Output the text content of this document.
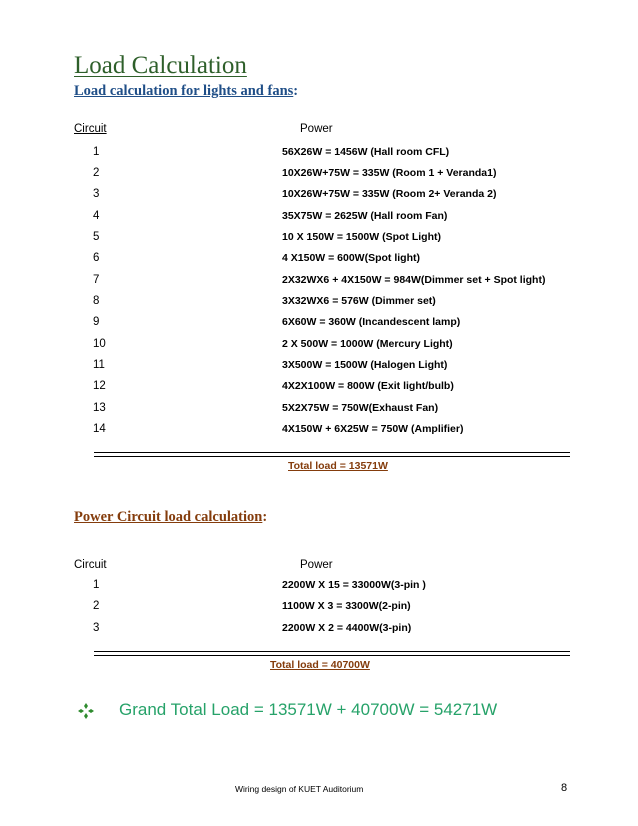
Load Calculation
Load calculation for lights and fans:
Circuit	Power
1	56X26W = 1456W (Hall room CFL)
2	10X26W+75W = 335W (Room 1 + Veranda1)
3	10X26W+75W = 335W (Room 2+ Veranda 2)
4	35X75W = 2625W (Hall room Fan)
5	10 X 150W = 1500W (Spot Light)
6	4 X150W = 600W(Spot light)
7	2X32WX6 + 4X150W = 984W(Dimmer set + Spot light)
8	3X32WX6 = 576W (Dimmer set)
9	6X60W = 360W (Incandescent lamp)
10	2 X 500W = 1000W (Mercury Light)
11	3X500W = 1500W (Halogen Light)
12	4X2X100W = 800W (Exit light/bulb)
13	5X2X75W = 750W(Exhaust Fan)
14	4X150W + 6X25W = 750W (Amplifier)
Total load = 13571W
Power Circuit load calculation:
Circuit	Power
1	2200W X 15 = 33000W(3-pin )
2	1100W X 3 = 3300W(2-pin)
3	2200W X 2 = 4400W(3-pin)
Total load = 40700W
Grand Total Load = 13571W + 40700W = 54271W
Wiring design of KUET Auditorium	8
